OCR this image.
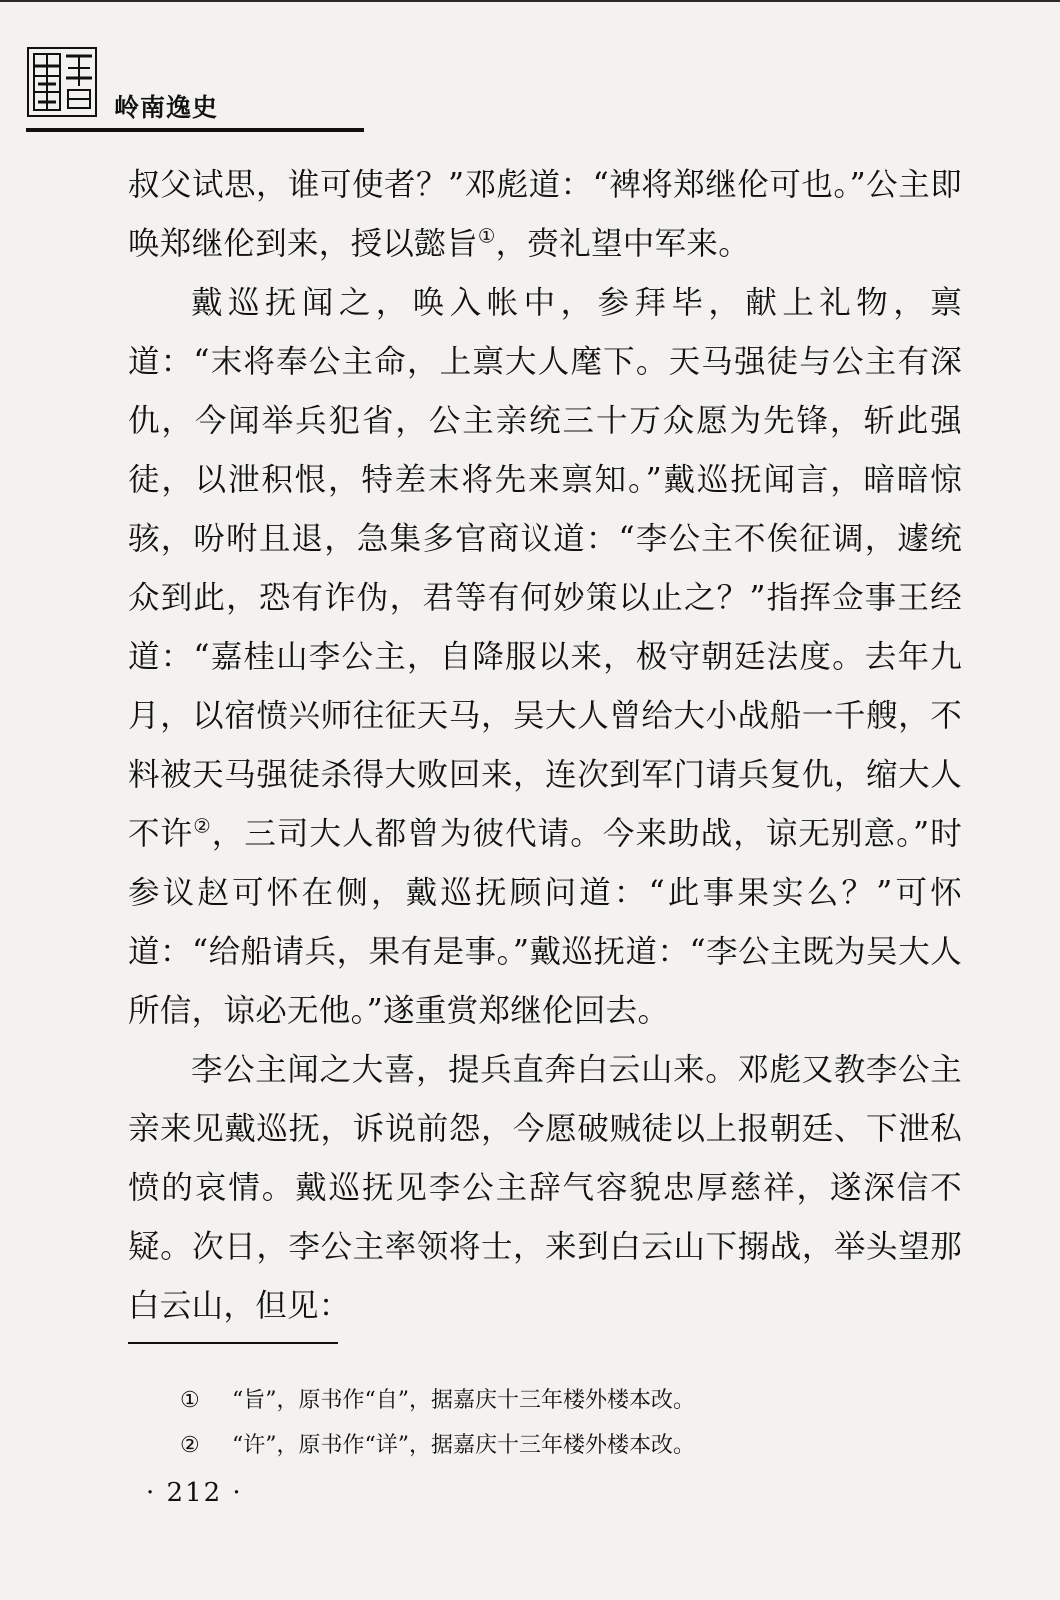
岭南逸史

叔父试思，谁可使者？”邓彪道：“裨将郑继伦可也。”公主即唤郑继伦到来，授以懿旨①，赍礼望中军来。

戴巡抚闻之，唤入帐中，参拜毕，献上礼物，禀道：“末将奉公主命，上禀大人麾下。天马强徒与公主有深仇，今闻举兵犯省，公主亲统三十万众愿为先锋，斩此强徒，以泄积恨，特差末将先来禀知。”戴巡抚闻言，暗暗惊骇，吩咐且退，急集多官商议道：“李公主不俟征调，遽统众到此，恐有诈伪，君等有何妙策以止之？”指挥佥事王经道：“嘉桂山李公主，自降服以来，极守朝廷法度。去年九月，以宿愤兴师往征天马，吴大人曾给大小战船一千艘，不料被天马强徒杀得大败回来，连次到军门请兵复仇，缩大人不许②，三司大人都曾为彼代请。今来助战，谅无别意。”时参议赵可怀在侧，戴巡抚顾问道：“此事果实么？”可怀道：“给船请兵，果有是事。”戴巡抚道：“李公主既为吴大人所信，谅必无他。”遂重赏郑继伦回去。

李公主闻之大喜，提兵直奔白云山来。邓彪又教李公主亲来见戴巡抚，诉说前怨，今愿破贼徒以上报朝廷、下泄私愤的哀情。戴巡抚见李公主辞气容貌忠厚慈祥，遂深信不疑。次日，李公主率领将士，来到白云山下搦战，举头望那白云山，但见：

① “旨”，原书作“自”，据嘉庆十三年楼外楼本改。
② “许”，原书作“详”，据嘉庆十三年楼外楼本改。
· 212 ·
